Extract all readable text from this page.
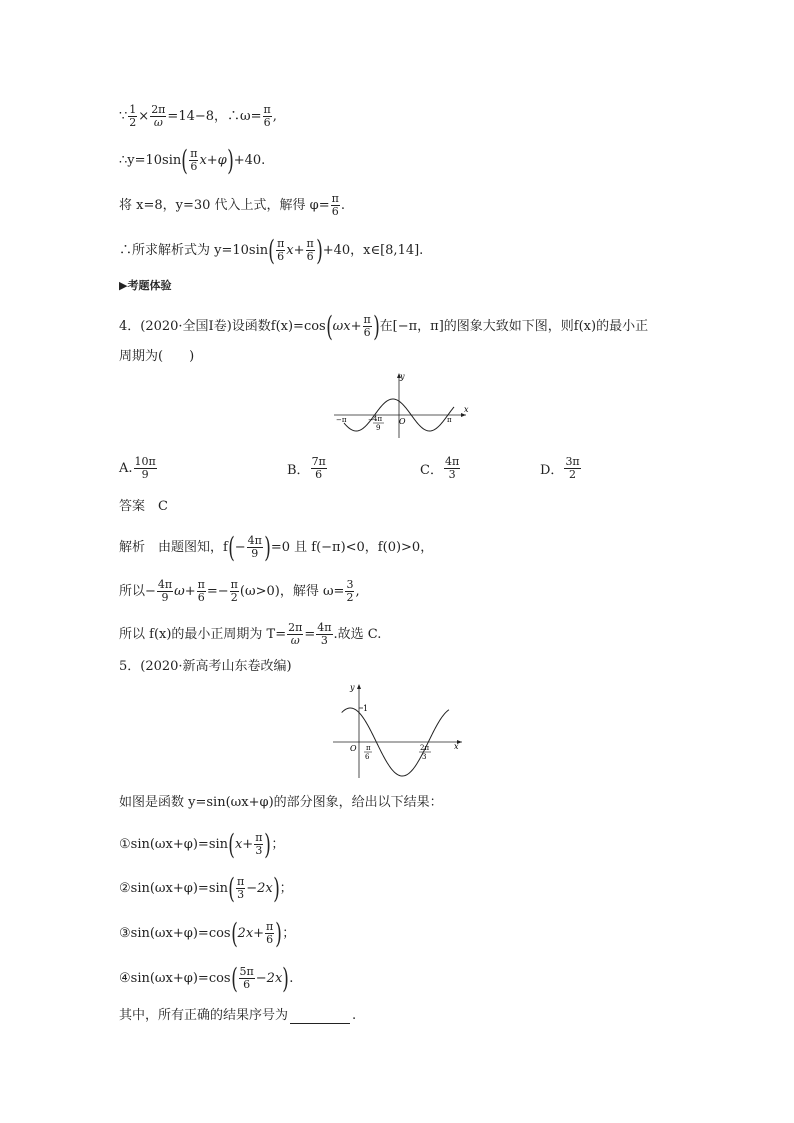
∵ $\frac{1}{2} \times \frac{2\pi}{\omega} =14-8$，∴ω= $\frac{\pi}{6}$ ,
∴y=10sin ( $\frac{\pi}{6} x+\varphi$ ) +40.
将 x=8，y=30 代入上式，解得 $\varphi= \frac{\pi}{6}$ .
∴所求解析式为 y=10sin ( $\frac{\pi}{6} x+ \frac{\pi}{6}$ ) +40，x∈[8,14].
▶考题体验
4．(2020·全国Ⅰ卷)设函数f(x)=cos ( $\omega x+ \frac{\pi}{6}$ ) 在[−π，π]的图象大致如下图，则f(x)的最小正
周期为(　　)
y
x
O
−π	π
− 4π
9
A. $\frac{10\pi}{9}$	B． $\frac{7\pi}{6}$	C． $\frac{4\pi}{3}$	D． $\frac{3\pi}{2}$
答案　C
解析　由题图知，f ( − $\frac{4\pi}{9}$ ) =0 且 f(−π)<0，f(0)>0，
所以− $\frac{4\pi}{9} \omega+ \frac{\pi}{6} =- \frac{\pi}{2} (\omega>0)$，解得 $\omega= \frac{3}{2}$ ,
所以 f(x)的最小正周期为 $T= \frac{2\pi}{\omega} = \frac{4\pi}{3}$ .故选 C.
5．(2020·新高考山东卷改编)
y
x
O
1
π
6
2π
3
如图是函数 y=sin(ωx+φ)的部分图象，给出以下结果：
①sin(ωx+φ)=sin ( $x+ \frac{\pi}{3}$ ) ；
②sin(ωx+φ)=sin ( $\frac{\pi}{3} -2x$ ) ；
③sin(ωx+φ)=cos ( $2x+ \frac{\pi}{6}$ ) ；
④sin(ωx+φ)=cos ( $\frac{5\pi}{6} -2x$ ) .
其中，所有正确的结果序号为	.
